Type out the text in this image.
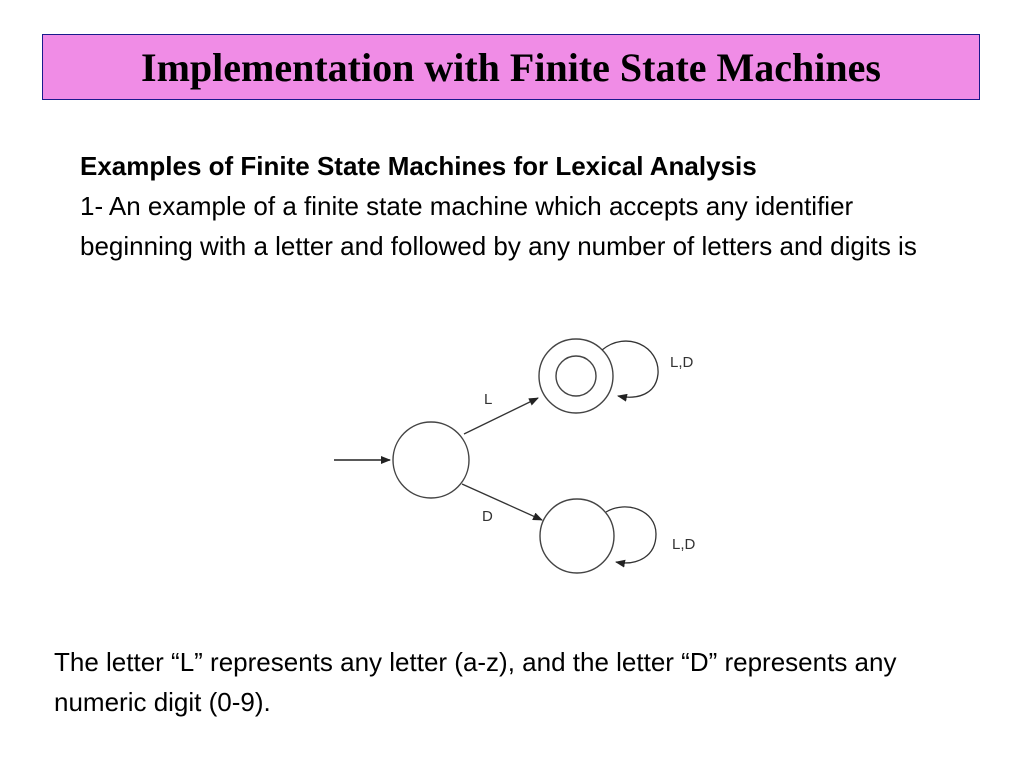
Implementation with Finite State Machines
Examples of Finite State Machines for Lexical Analysis
1- An example of a finite state machine which accepts any identifier beginning with a letter and followed by any number of letters and digits is
L
D
L,D
L,D
The letter “L” represents any letter (a-z), and the letter “D” represents any numeric digit (0-9).
